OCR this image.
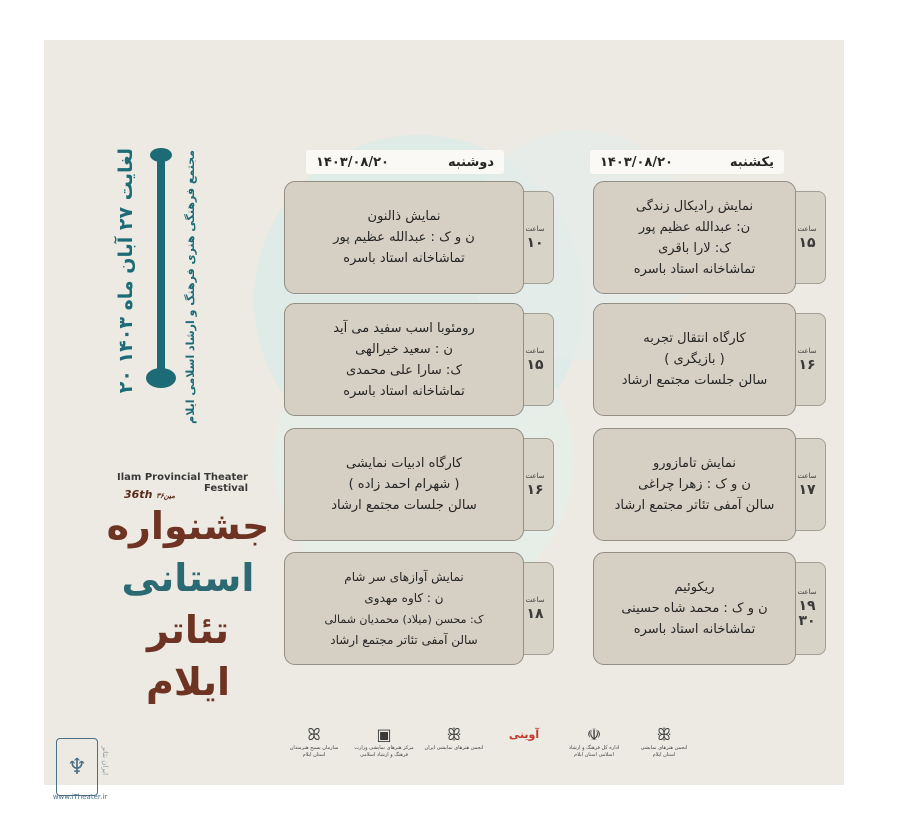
یکشنبه
۱۴۰۳/۰۸/۲۰
دوشنبه
۱۴۰۳/۰۸/۲۰
ساعت
۱۵
نمایش رادیکال زندگی
ن: عبدالله عظیم پور
ک: لارا باقری
تماشاخانه استاد باسره
ساعت
۱۶
کارگاه انتقال تجربه
( بازیگری )
سالن جلسات مجتمع ارشاد
ساعت
۱۷
نمایش تامازورو
ن و ک : زهرا چراغی
سالن آمفی تئاتر مجتمع ارشاد
ساعت
۱۹
۳۰
ریکوئیم
ن و ک : محمد شاه حسینی
تماشاخانه استاد باسره
ساعت
۱۰
نمایش ذالنون
ن و ک : عبدالله عظیم پور
تماشاخانه استاد باسره
ساعت
۱۵
رومئوبا اسب سفید می آید
ن : سعید خیرالهی
ک: سارا علی محمدی
تماشاخانه استاد باسره
ساعت
۱۶
کارگاه ادبیات نمایشی
( شهرام احمد زاده )
سالن جلسات مجتمع ارشاد
ساعت
۱۸
نمایش آوازهای سر شام
ن : کاوه مهدوی
ک: محسن (میلاد) محمدیان شمالی
سالن آمفی تئاتر مجتمع ارشاد
۲۰ لغایت ۲۷ آبان ماه ۱۴۰۳	مجتمع فرهنگی هنری فرهنگ و ارشاد اسلامی ایلام
Ilam Provincial Theater Festival
36th ۳۶مین
جشنواره
استانی
تئاتر
ایلام
ꕥ
انجمن هنرهای نمایشی استان ایلام
☫
اداره کل فرهنگ و ارشاد اسلامی استان ایلام
آوینی
ꕥ
انجمن هنرهای نمایشی ایران
▣
مرکز هنرهای نمایشی وزارت فرهنگ و ارشاد اسلامی
ꕤ
سازمان بسیج هنرمندان استان ایلام
♆ ایران تئاتر
www.iTheater.ir
